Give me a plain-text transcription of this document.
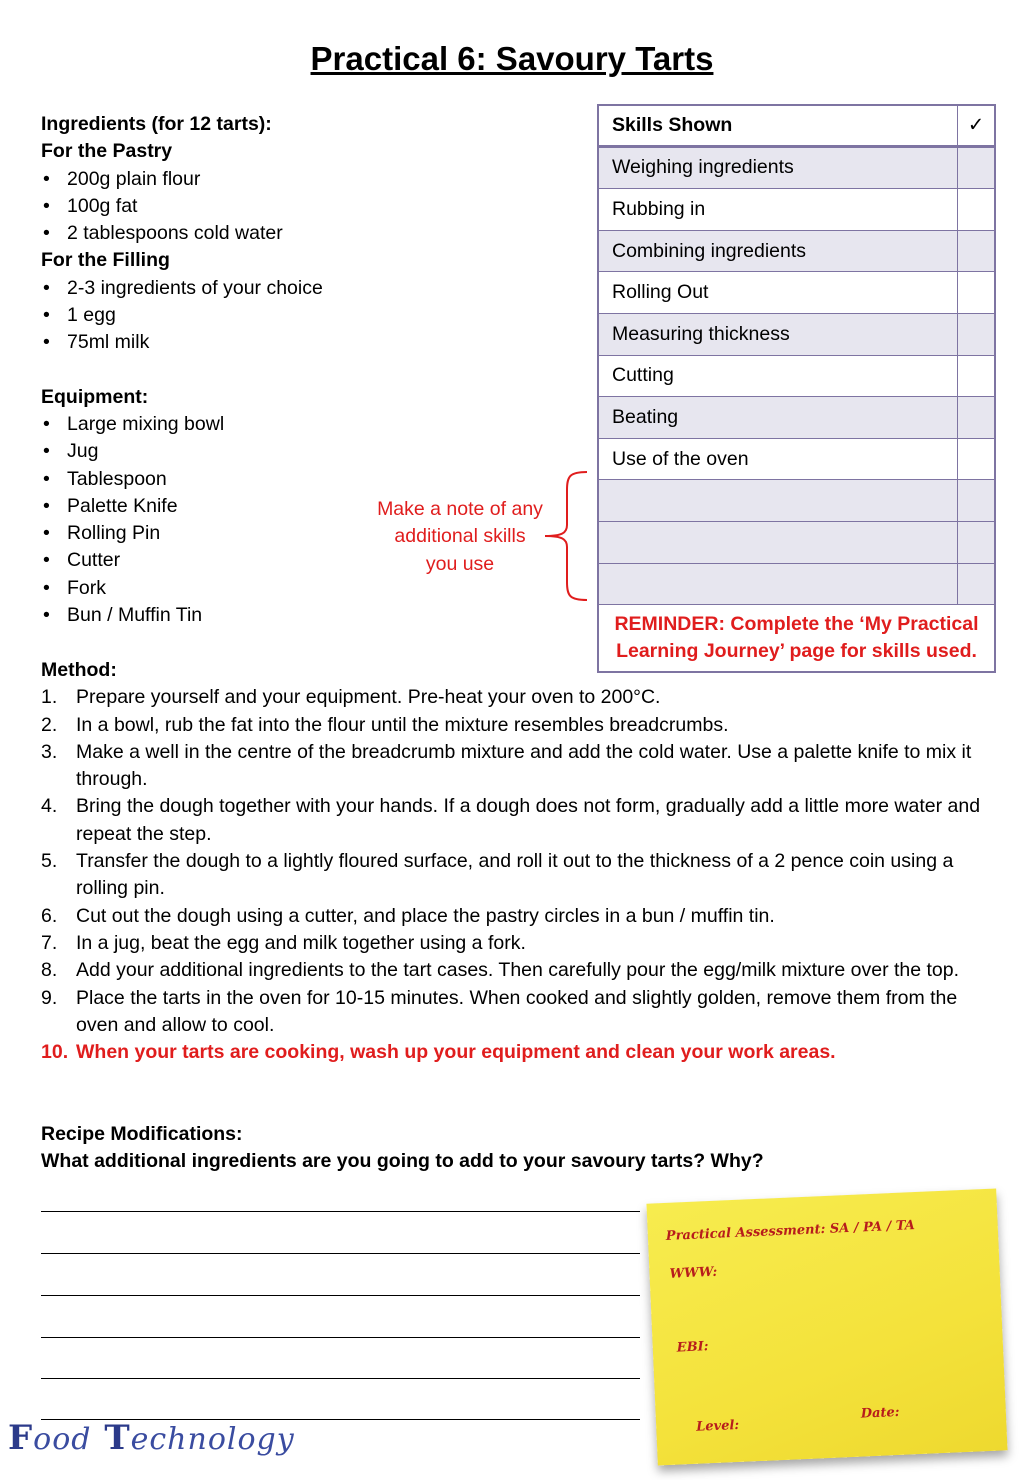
Practical 6: Savoury Tarts
Ingredients (for 12 tarts):
For the Pastry
• 200g plain flour
• 100g fat
• 2 tablespoons cold water
For the Filling
• 2-3 ingredients of your choice
• 1 egg
• 75ml milk
Equipment:
• Large mixing bowl
• Jug
• Tablespoon
• Palette Knife
• Rolling Pin
• Cutter
• Fork
• Bun / Muffin Tin
Skills Shown	✓
Weighing ingredients
Rubbing in
Combining ingredients
Rolling Out
Measuring thickness
Cutting
Beating
Use of the oven
REMINDER: Complete the ‘My Practical
Learning Journey’ page for skills used.
Make a note of any
additional skills
you use
Method:
1. Prepare yourself and your equipment. Pre-heat your oven to 200°C.
2. In a bowl, rub the fat into the flour until the mixture resembles breadcrumbs.
3. Make a well in the centre of the breadcrumb mixture and add the cold water. Use a palette knife to mix it through.
4. Bring the dough together with your hands. If a dough does not form, gradually add a little more water and repeat the step.
5. Transfer the dough to a lightly floured surface, and roll it out to the thickness of a 2 pence coin using a rolling pin.
6. Cut out the dough using a cutter, and place the pastry circles in a bun / muffin tin.
7. In a jug, beat the egg and milk together using a fork.
8. Add your additional ingredients to the tart cases. Then carefully pour the egg/milk mixture over the top.
9. Place the tarts in the oven for 10-15 minutes. When cooked and slightly golden, remove them from the oven and allow to cool.
10. When your tarts are cooking, wash up your equipment and clean your work areas.
Recipe Modifications:
What additional ingredients are you going to add to your savoury tarts? Why?
Practical Assessment: SA / PA / TA
WWW:
EBI:
Level:
Date:
Food Technology
